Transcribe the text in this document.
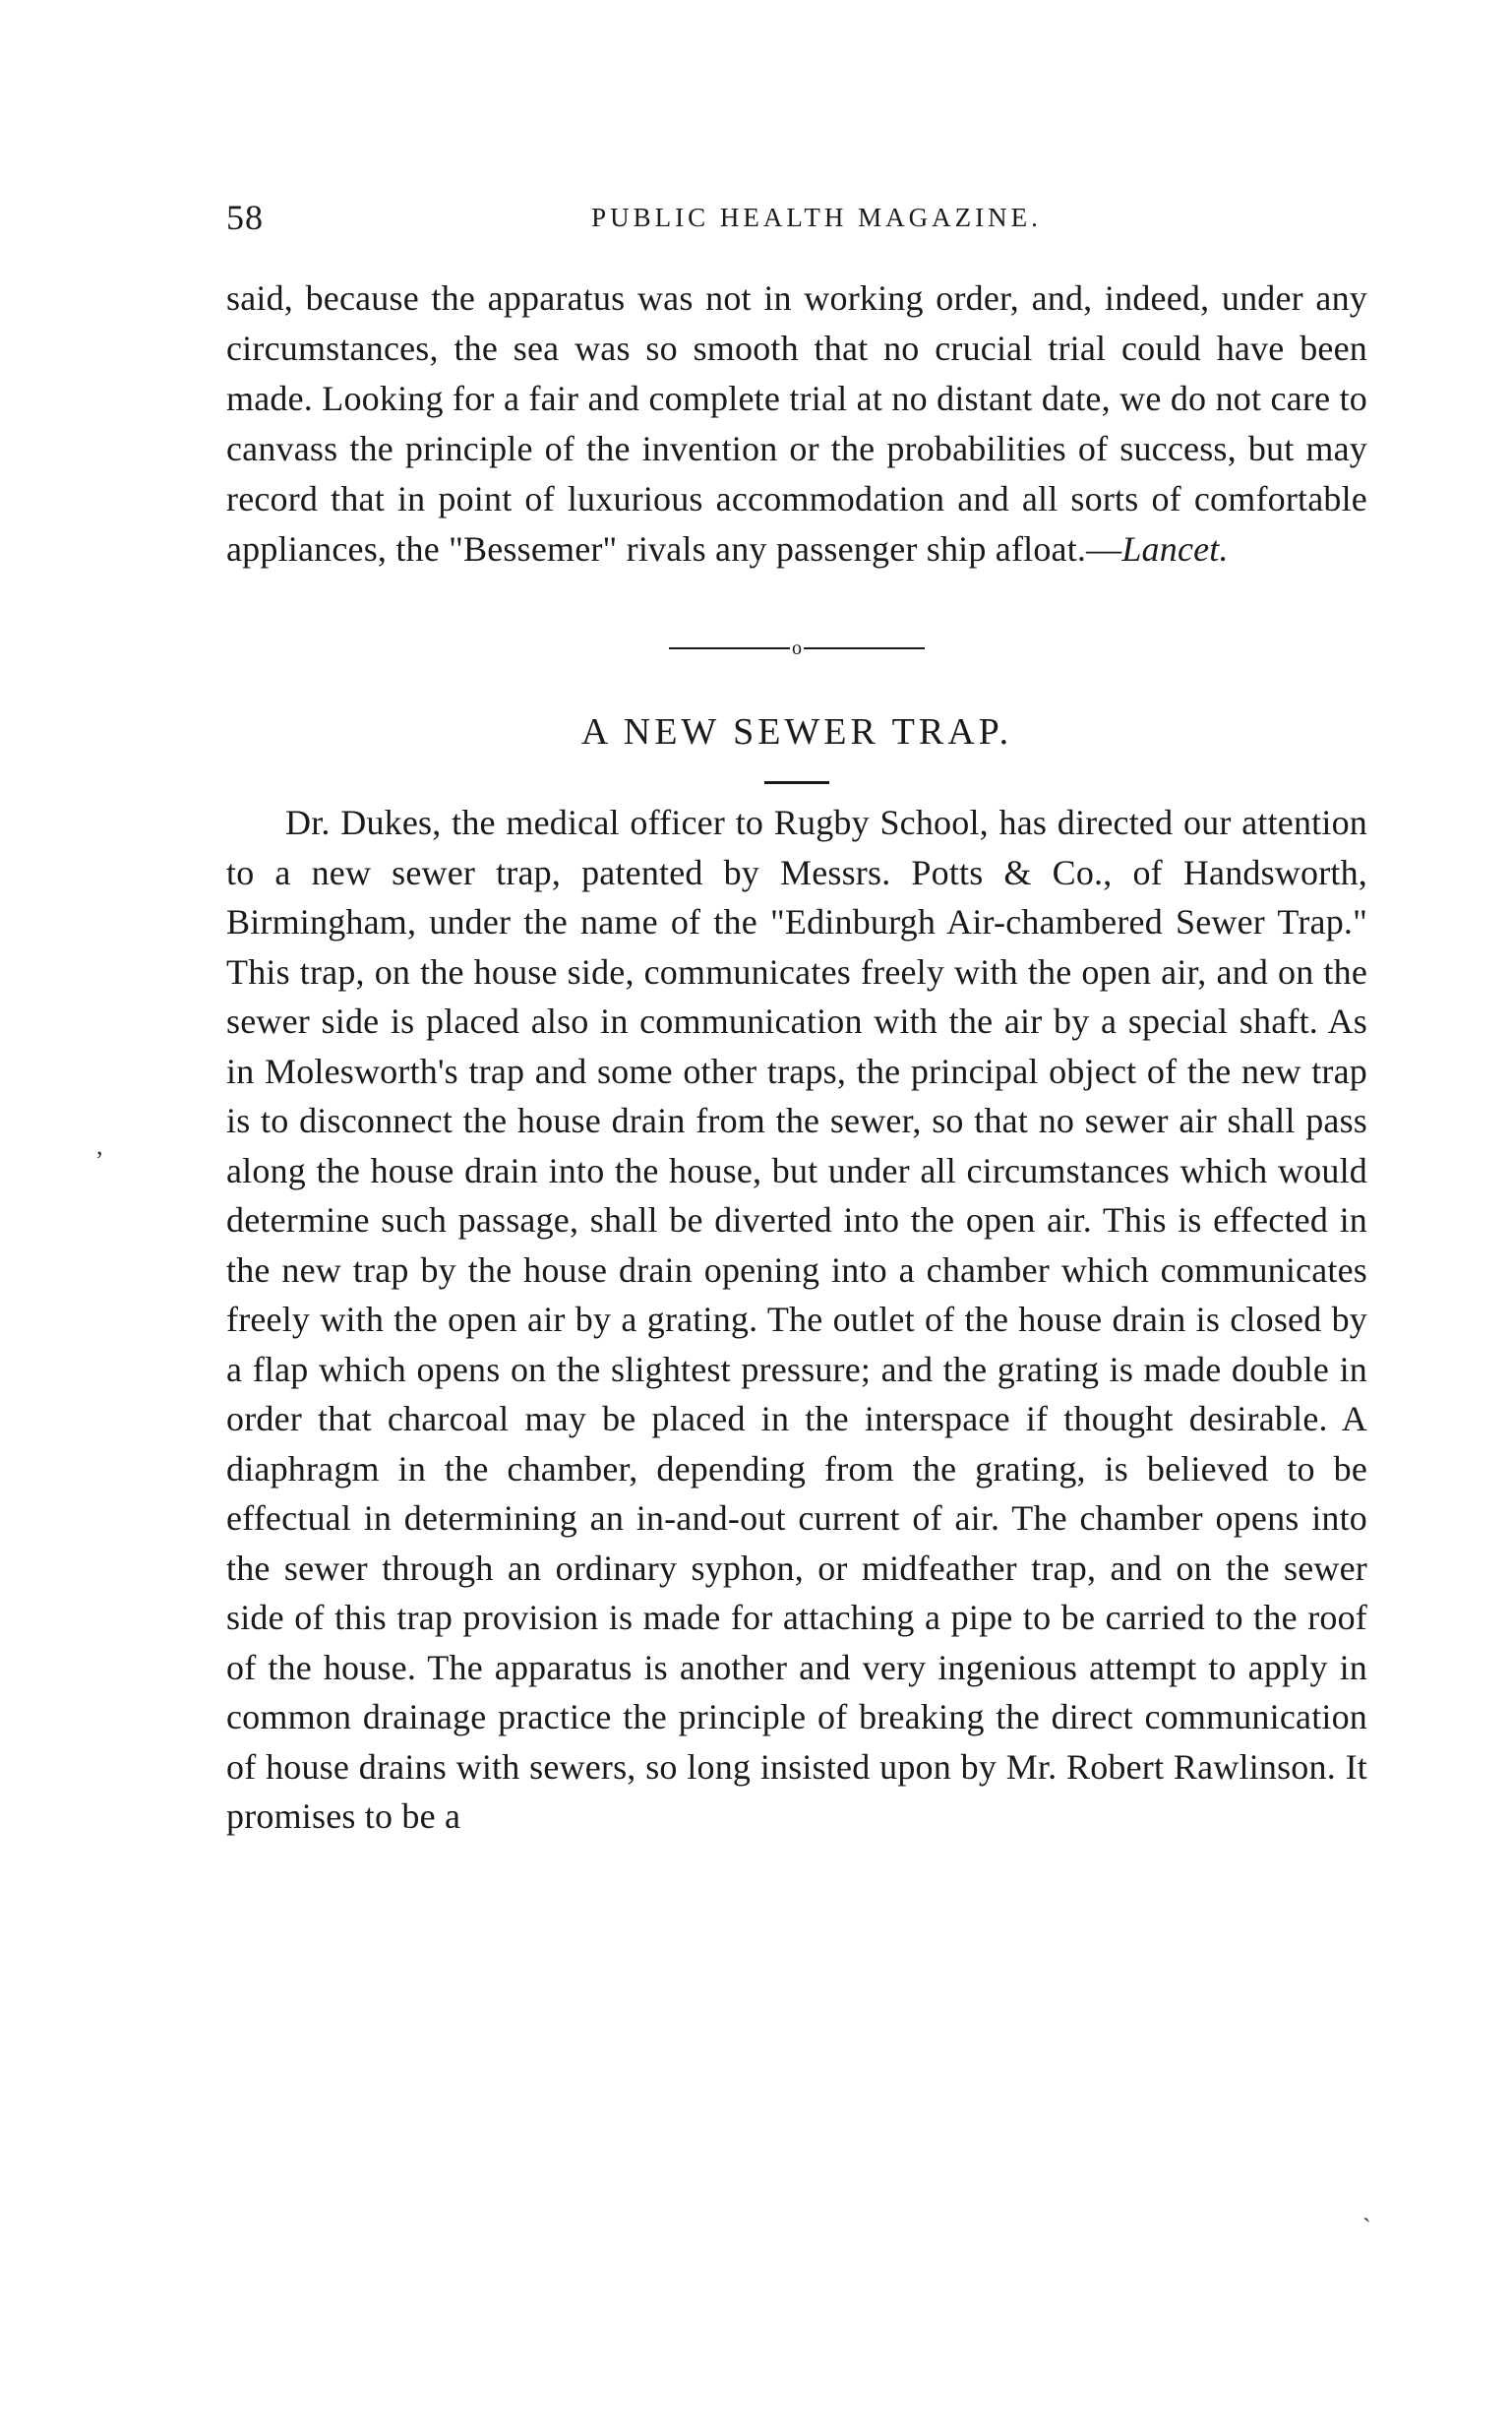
58	PUBLIC HEALTH MAGAZINE.

said, because the apparatus was not in working order, and, indeed, under any circumstances, the sea was so smooth that no crucial trial could have been made. Looking for a fair and complete trial at no distant date, we do not care to canvass the principle of the invention or the probabilities of success, but may record that in point of luxurious accommodation and all sorts of comfortable appliances, the "Bessemer" rivals any passenger ship afloat.—Lancet.

o
A NEW SEWER TRAP.

Dr. Dukes, the medical officer to Rugby School, has directed our attention to a new sewer trap, patented by Messrs. Potts & Co., of Handsworth, Birmingham, under the name of the "Edinburgh Air-chambered Sewer Trap." This trap, on the house side, communicates freely with the open air, and on the sewer side is placed also in communication with the air by a special shaft. As in Molesworth's trap and some other traps, the principal object of the new trap is to disconnect the house drain from the sewer, so that no sewer air shall pass along the house drain into the house, but under all circumstances which would determine such passage, shall be diverted into the open air. This is effected in the new trap by the house drain opening into a chamber which communicates freely with the open air by a grating. The outlet of the house drain is closed by a flap which opens on the slightest pressure; and the grating is made double in order that charcoal may be placed in the interspace if thought desirable. A diaphragm in the chamber, depending from the grating, is believed to be effectual in determining an in-and-out current of air. The chamber opens into the sewer through an ordinary syphon, or midfeather trap, and on the sewer side of this trap provision is made for attaching a pipe to be carried to the roof of the house. The apparatus is another and very ingenious attempt to apply in common drainage practice the principle of breaking the direct communication of house drains with sewers, so long insisted upon by Mr. Robert Rawlinson. It promises to be a

,
ˋ
